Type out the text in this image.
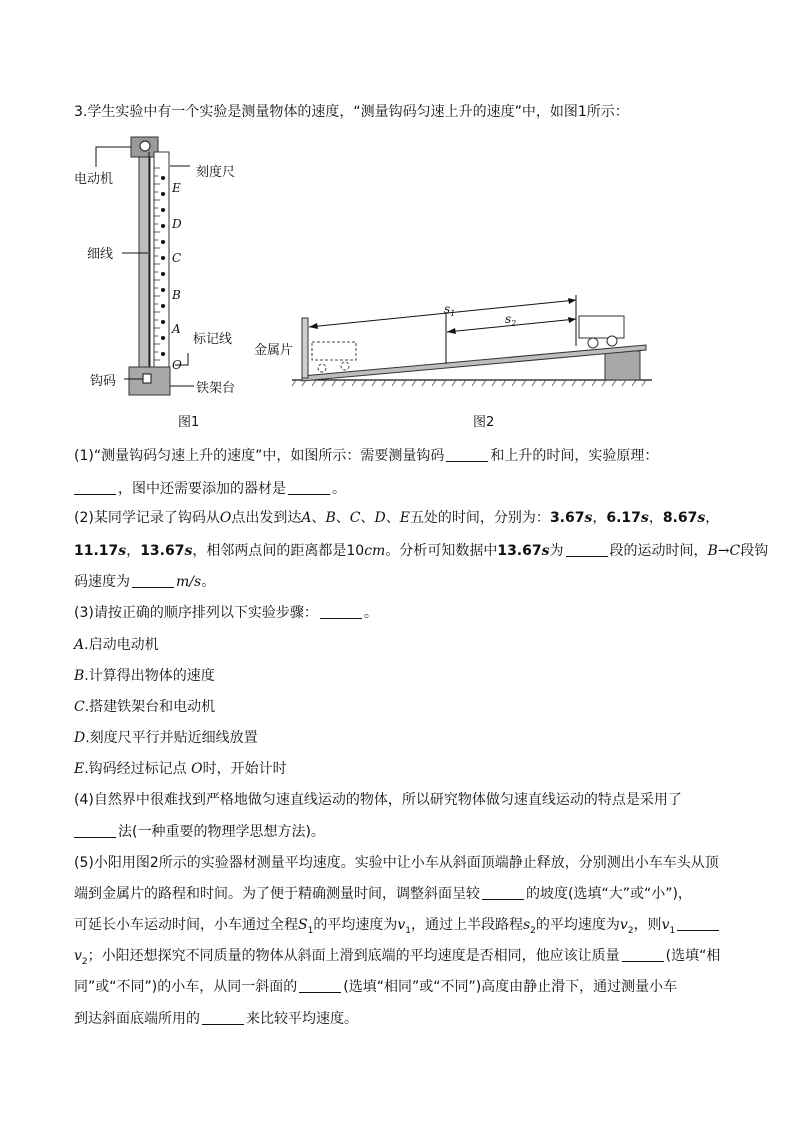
3.学生实验中有一个实验是测量物体的速度，“测量钩码匀速上升的速度”中，如图1所示：
E
D
C
B
A
O
电动机	刻度尺
细线
标记线
钩码	铁架台
图1
$s_1$	$s_2$
金属片
图2
(1)“测量钩码匀速上升的速度”中，如图所示：需要测量钩码	和上升的时间，实验原理：
，图中还需要添加的器材是	。
(2)某同学记录了钩码从O点出发到达A、B、C、D、E五处的时间，分别为：3.67s，6.17s，8.67s，
11.17s，13.67s，相邻两点间的距离都是10cm。分析可知数据中13.67s为	段的运动时间，B→C段钩
码速度为	m/s。
(3)请按正确的顺序排列以下实验步骤：	。
A.启动电动机
B.计算得出物体的速度
C.搭建铁架台和电动机
D.刻度尺平行并贴近细线放置
E.钩码经过标记点 O时，开始计时
(4)自然界中很难找到严格地做匀速直线运动的物体，所以研究物体做匀速直线运动的特点是采用了
法(一种重要的物理学思想方法)。
(5)小阳用图2所示的实验器材测量平均速度。实验中让小车从斜面顶端静止释放，分别测出小车车头从顶
端到金属片的路程和时间。为了便于精确测量时间，调整斜面呈较	的坡度(选填“大”或“小”)，
可延长小车运动时间，小车通过全程$S_1$的平均速度为$v_1$，通过上半段路程$s_2$的平均速度为$v_2$，则$v_1$
$v_2$；小阳还想探究不同质量的物体从斜面上滑到底端的平均速度是否相同，他应该让质量	(选填“相
同”或“不同”)的小车，从同一斜面的	(选填“相同”或“不同”)高度由静止滑下，通过测量小车
到达斜面底端所用的	来比较平均速度。
